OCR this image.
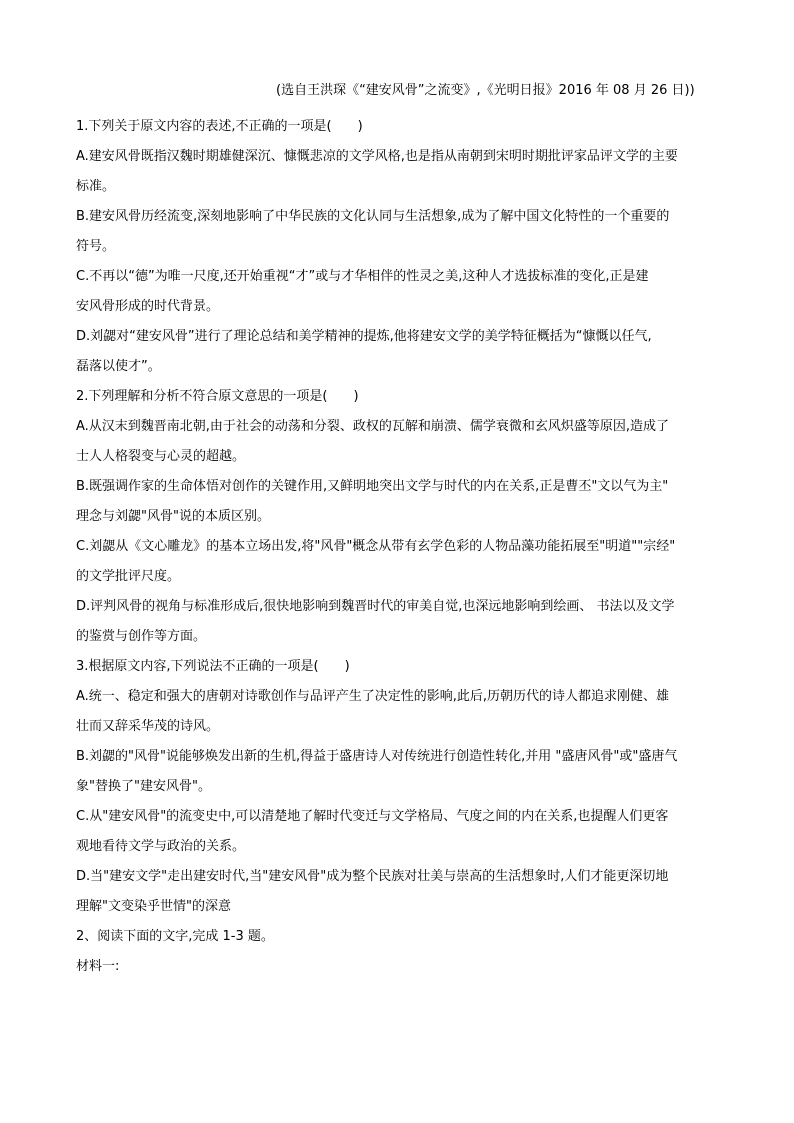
(选自王洪琛《“建安风骨”之流变》,《光明日报》2016 年 08 月 26 日))
1.下列关于原文内容的表述,不正确的一项是(　　)
A.建安风骨既指汉魏时期雄健深沉、慷慨悲凉的文学风格,也是指从南朝到宋明时期批评家品评文学的主要
标准。
B.建安风骨历经流变,深刻地影响了中华民族的文化认同与生活想象,成为了解中国文化特性的一个重要的
符号。
C.不再以“德”为唯一尺度,还开始重视“才”或与才华相伴的性灵之美,这种人才选拔标准的变化,正是建
安风骨形成的时代背景。
D.刘勰对“建安风骨”进行了理论总结和美学精神的提炼,他将建安文学的美学特征概括为“慷慨以任气,
磊落以使才”。
2.下列理解和分析不符合原文意思的一项是(　　)
A.从汉末到魏晋南北朝,由于社会的动荡和分裂、政权的瓦解和崩溃、儒学衰微和玄风炽盛等原因,造成了
士人人格裂变与心灵的超越。
B.既强调作家的生命体悟对创作的关键作用,又鲜明地突出文学与时代的内在关系,正是曹丕"文以气为主"
理念与刘勰"风骨"说的本质区别。
C.刘勰从《文心雕龙》的基本立场出发,将"风骨"概念从带有玄学色彩的人物品藻功能拓展至"明道""宗经"
的文学批评尺度。
D.评判风骨的视角与标准形成后,很快地影响到魏晋时代的审美自觉,也深远地影响到绘画、 书法以及文学
的鉴赏与创作等方面。
3.根据原文内容,下列说法不正确的一项是(　　)
A.统一、稳定和强大的唐朝对诗歌创作与品评产生了决定性的影响,此后,历朝历代的诗人都追求刚健、雄
壮而又辞采华茂的诗风。
B.刘勰的"风骨"说能够焕发出新的生机,得益于盛唐诗人对传统进行创造性转化,并用 "盛唐风骨"或"盛唐气
象"替换了"建安风骨"。
C.从"建安风骨"的流变史中,可以清楚地了解时代变迁与文学格局、气度之间的内在关系,也提醒人们更客
观地看待文学与政治的关系。
D.当"建安文学"走出建安时代,当"建安风骨"成为整个民族对壮美与崇高的生活想象时,人们才能更深切地
理解"文变染乎世情"的深意
2、阅读下面的文字,完成 1-3 题。
材料一:
